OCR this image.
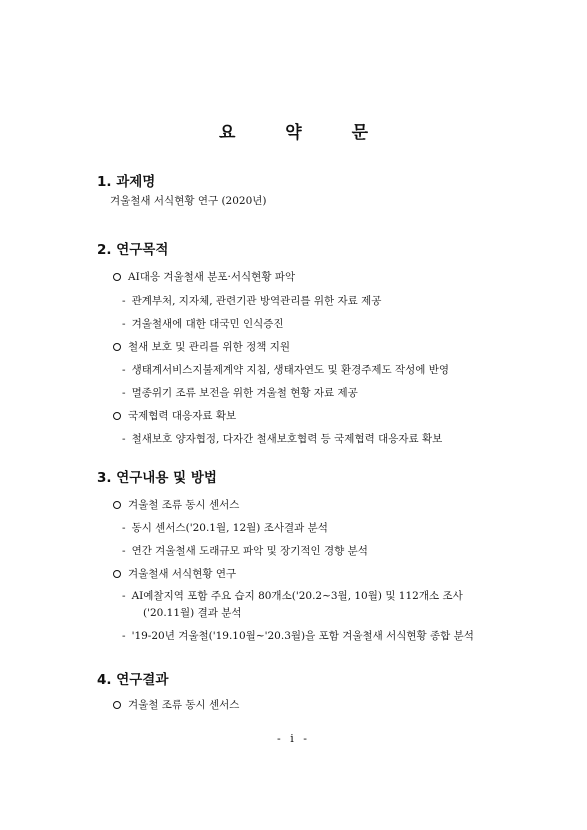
요 약 문
1. 과제명
겨울철새 서식현황 연구 (2020년)
2. 연구목적
AI대응 겨울철새 분포·서식현황 파악
- 관계부처, 지자체, 관련기관 방역관리를 위한 자료 제공
- 겨울철새에 대한 대국민 인식증진
철새 보호 및 관리를 위한 정책 지원
- 생태계서비스지불제계약 지침, 생태자연도 및 환경주제도 작성에 반영
- 멸종위기 조류 보전을 위한 겨울철 현황 자료 제공
국제협력 대응자료 확보
- 철새보호 양자협정, 다자간 철새보호협력 등 국제협력 대응자료 확보
3. 연구내용 및 방법
겨울철 조류 동시 센서스
- 동시 센서스('20.1월, 12월) 조사결과 분석
- 연간 겨울철새 도래규모 파악 및 장기적인 경향 분석
겨울철새 서식현황 연구
- AI예찰지역 포함 주요 습지 80개소('20.2∼3월, 10월) 및 112개소 조사
('20.11월) 결과 분석
- '19-20년 겨울철('19.10월∼'20.3월)을 포함 겨울철새 서식현황 종합 분석
4. 연구결과
겨울철 조류 동시 센서스
- i -
